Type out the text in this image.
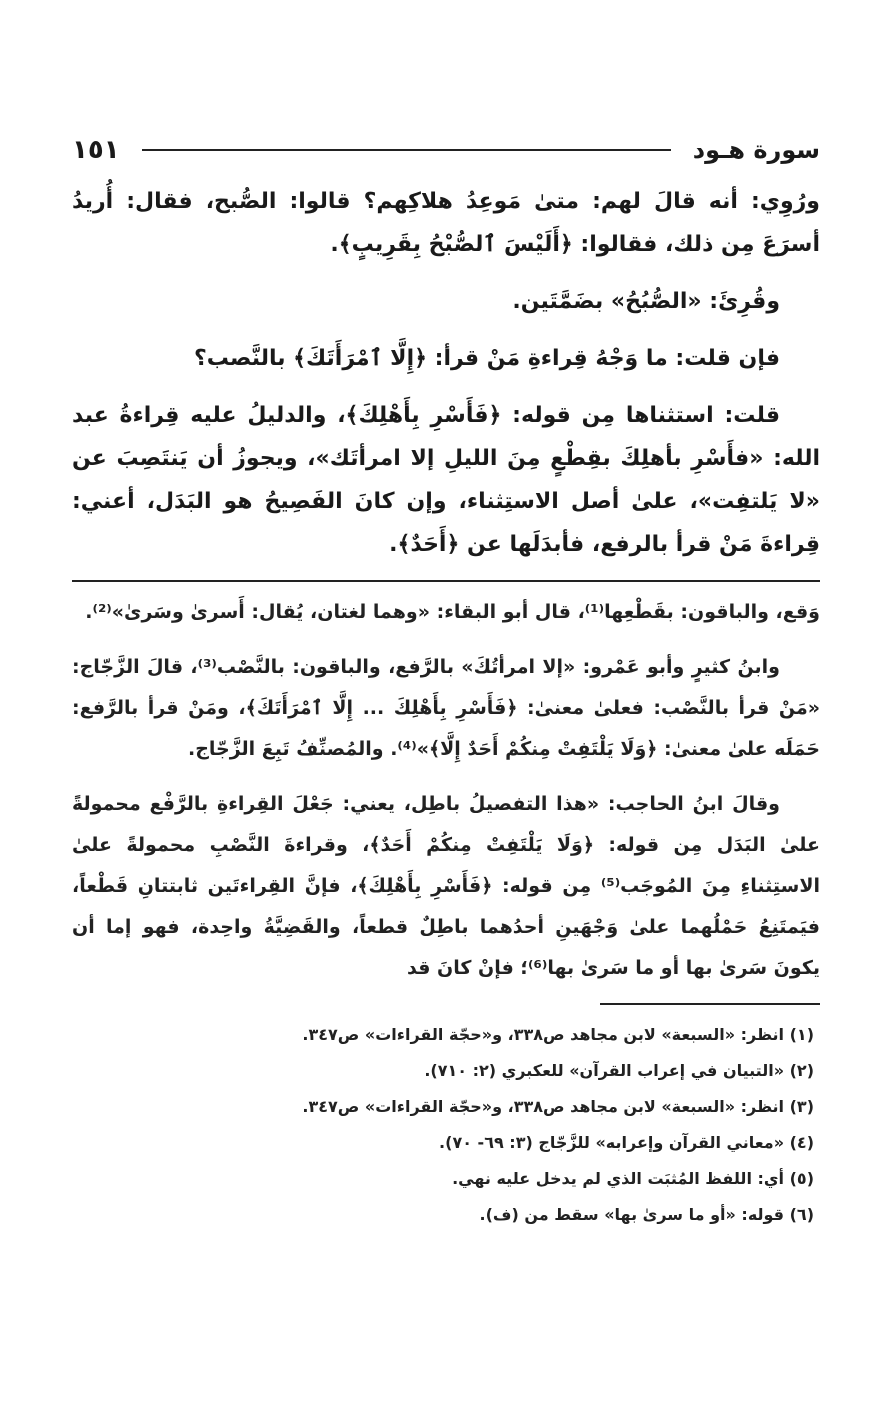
سورة هـود
١٥١

ورُوِي: أنه قالَ لهم: متىٰ مَوعِدُ هلاكِهم؟ قالوا: الصُّبح، فقال: أُريدُ أسرَعَ مِن ذلك، فقالوا: ﴿أَلَيْسَ ٱلصُّبْحُ بِقَرِيبٍ﴾.

وقُرِئَ: «الصُّبُحُ» بضَمَّتَين.

فإن قلت: ما وَجْهُ قِراءةِ مَنْ قرأ: ﴿إِلَّا ٱمْرَأَتَكَ﴾ بالنَّصب؟

قلت: استثناها مِن قوله: ﴿فَأَسْرِ بِأَهْلِكَ﴾، والدليلُ عليه قِراءةُ عبد الله: «فأَسْرِ بأهلِكَ بقِطْعٍ مِنَ الليلِ إلا امرأتَك»، ويجوزُ أن يَنتَصِبَ عن «لا يَلتفِت»، علىٰ أصل الاستِثناء، وإن كانَ الفَصِيحُ هو البَدَل، أعني: قِراءةَ مَنْ قرأ بالرفع، فأبدَلَها عن ﴿أَحَدٌ﴾.

وَقع، والباقون: بقَطْعِها⁽¹⁾، قال أبو البقاء: «وهما لغتان، يُقال: أَسرىٰ وسَرىٰ»⁽²⁾.

وابنُ كثيرٍ وأبو عَمْرو: «إلا امرأتُكَ» بالرَّفع، والباقون: بالنَّصْب⁽³⁾، قالَ الزَّجّاج: «مَنْ قرأ بالنَّصْب: فعلىٰ معنىٰ: ﴿فَأَسْرِ بِأَهْلِكَ ... إِلَّا ٱمْرَأَتَكَ﴾، ومَنْ قرأ بالرَّفع: حَمَلَه علىٰ معنىٰ: ﴿وَلَا يَلْتَفِتْ مِنكُمْ أَحَدٌ إِلَّا﴾»⁽⁴⁾. والمُصنِّفُ تَبِعَ الزَّجّاج.

وقالَ ابنُ الحاجب: «هذا التفصيلُ باطِل، يعني: جَعْلَ القِراءةِ بالرَّفْع محمولةً علىٰ البَدَل مِن قوله: ﴿وَلَا يَلْتَفِتْ مِنكُمْ أَحَدٌ﴾، وقراءةَ النَّصْبِ محمولةً علىٰ الاستِثناءِ مِنَ المُوجَب⁽⁵⁾ مِن قوله: ﴿فَأَسْرِ بِأَهْلِكَ﴾، فإنَّ القِراءتَين ثابتتانِ قَطْعاً، فيَمتَنِعُ حَمْلُهما علىٰ وَجْهَينِ أحدُهما باطِلٌ قطعاً، والقَضِيَّةُ واحِدة، فهو إما أن يكونَ سَرىٰ بها أو ما سَرىٰ بها⁽⁶⁾؛ فإنْ كانَ قد

(١) انظر: «السبعة» لابن مجاهد ص٣٣٨، و«حجّة القراءات» ص٣٤٧.
(٢) «التبيان في إعراب القرآن» للعكبري (٢: ٧١٠).
(٣) انظر: «السبعة» لابن مجاهد ص٣٣٨، و«حجّة القراءات» ص٣٤٧.
(٤) «معاني القرآن وإعرابه» للزَّجّاج (٣: ٦٩- ٧٠).
(٥) أي: اللفظ المُثبَت الذي لم يدخل عليه نهي.
(٦) قوله: «أو ما سرىٰ بها» سقط من (ف).
